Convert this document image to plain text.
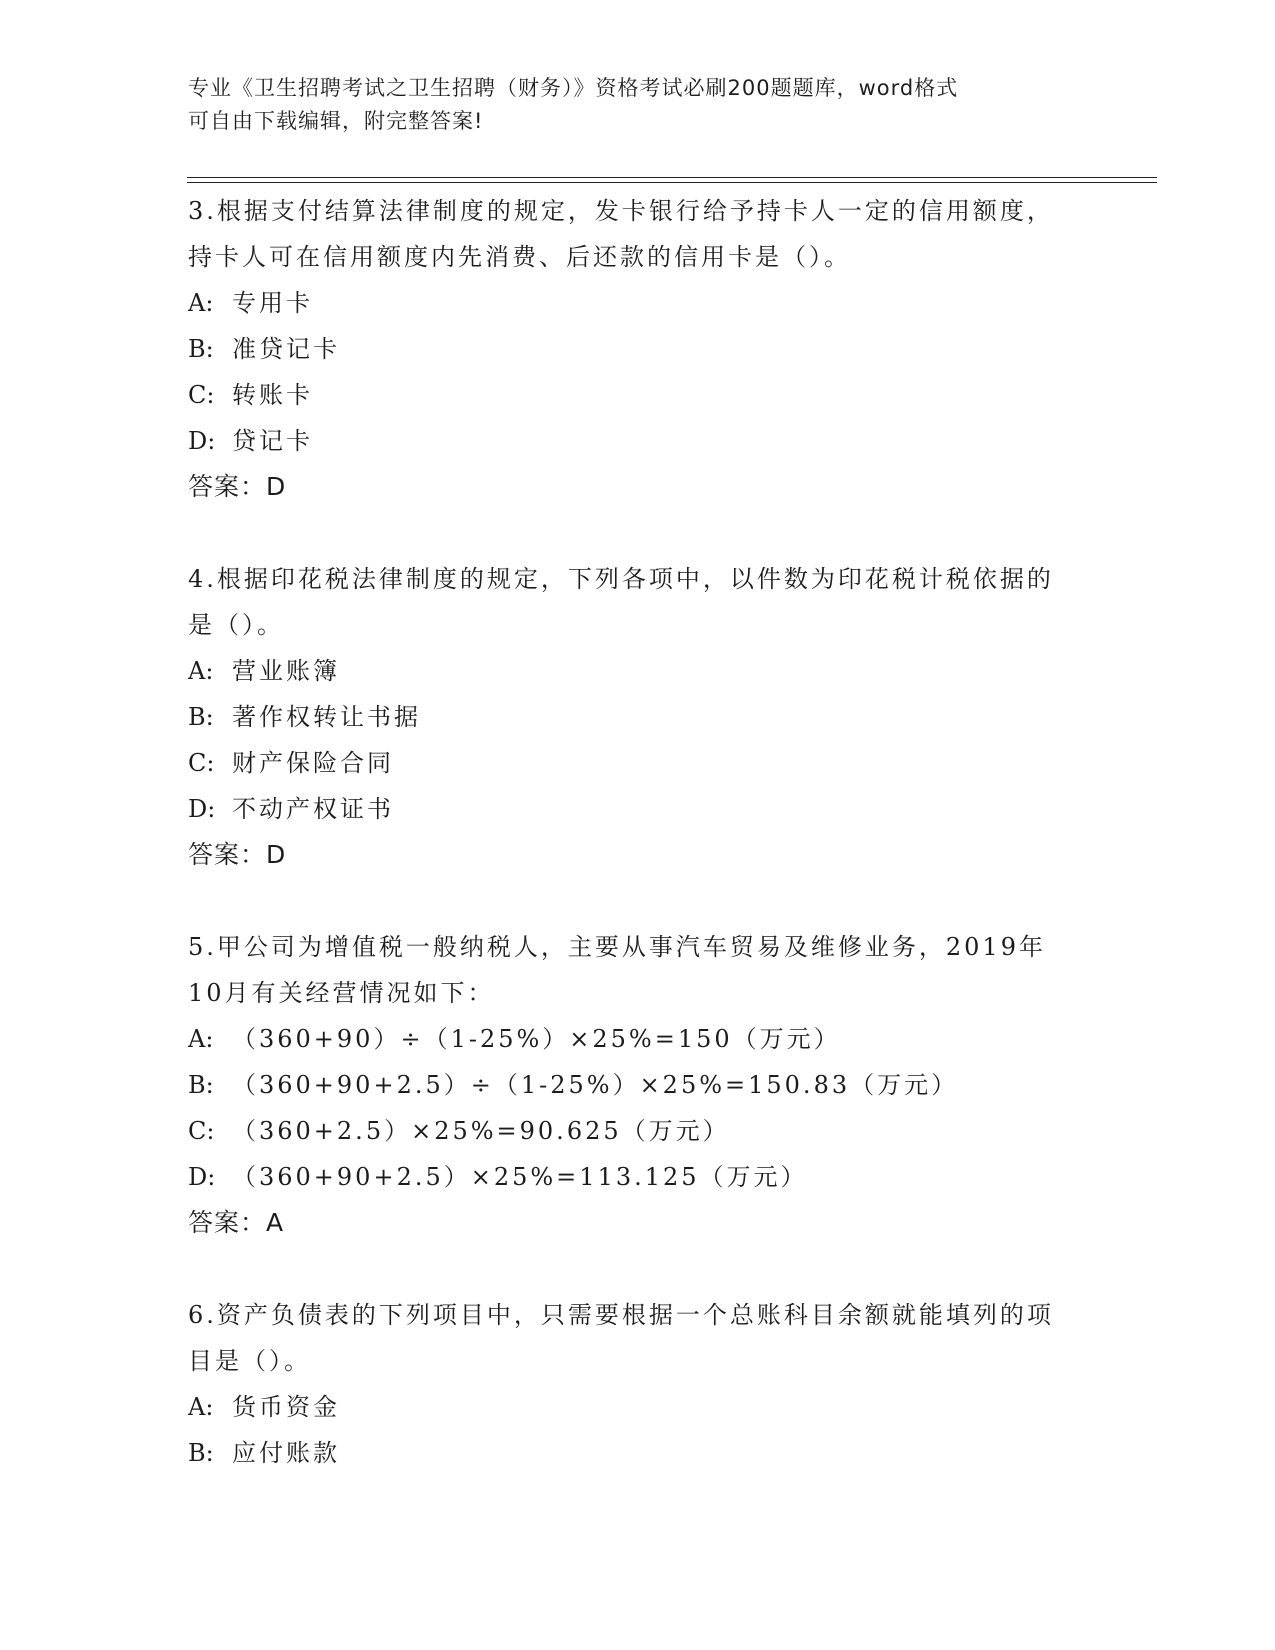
专业《卫生招聘考试之卫生招聘（财务）》资格考试必刷200题题库，word格式
可自由下载编辑，附完整答案!

3.根据支付结算法律制度的规定，发卡银行给予持卡人一定的信用额度，持卡人可在信用额度内先消费、后还款的信用卡是（）。

A: 专用卡

B: 准贷记卡

C: 转账卡

D: 贷记卡

答案：D

4.根据印花税法律制度的规定，下列各项中，以件数为印花税计税依据的是（）。

A: 营业账簿

B: 著作权转让书据

C: 财产保险合同

D: 不动产权证书

答案：D

5.甲公司为增值税一般纳税人，主要从事汽车贸易及维修业务，2019年10月有关经营情况如下：

A: （360+90）÷（1-25%）×25%=150（万元）

B: （360+90+2.5）÷（1-25%）×25%=150.83（万元）

C: （360+2.5）×25%=90.625（万元）

D: （360+90+2.5）×25%=113.125（万元）

答案：A

6.资产负债表的下列项目中，只需要根据一个总账科目余额就能填列的项目是（）。

A: 货币资金

B: 应付账款
